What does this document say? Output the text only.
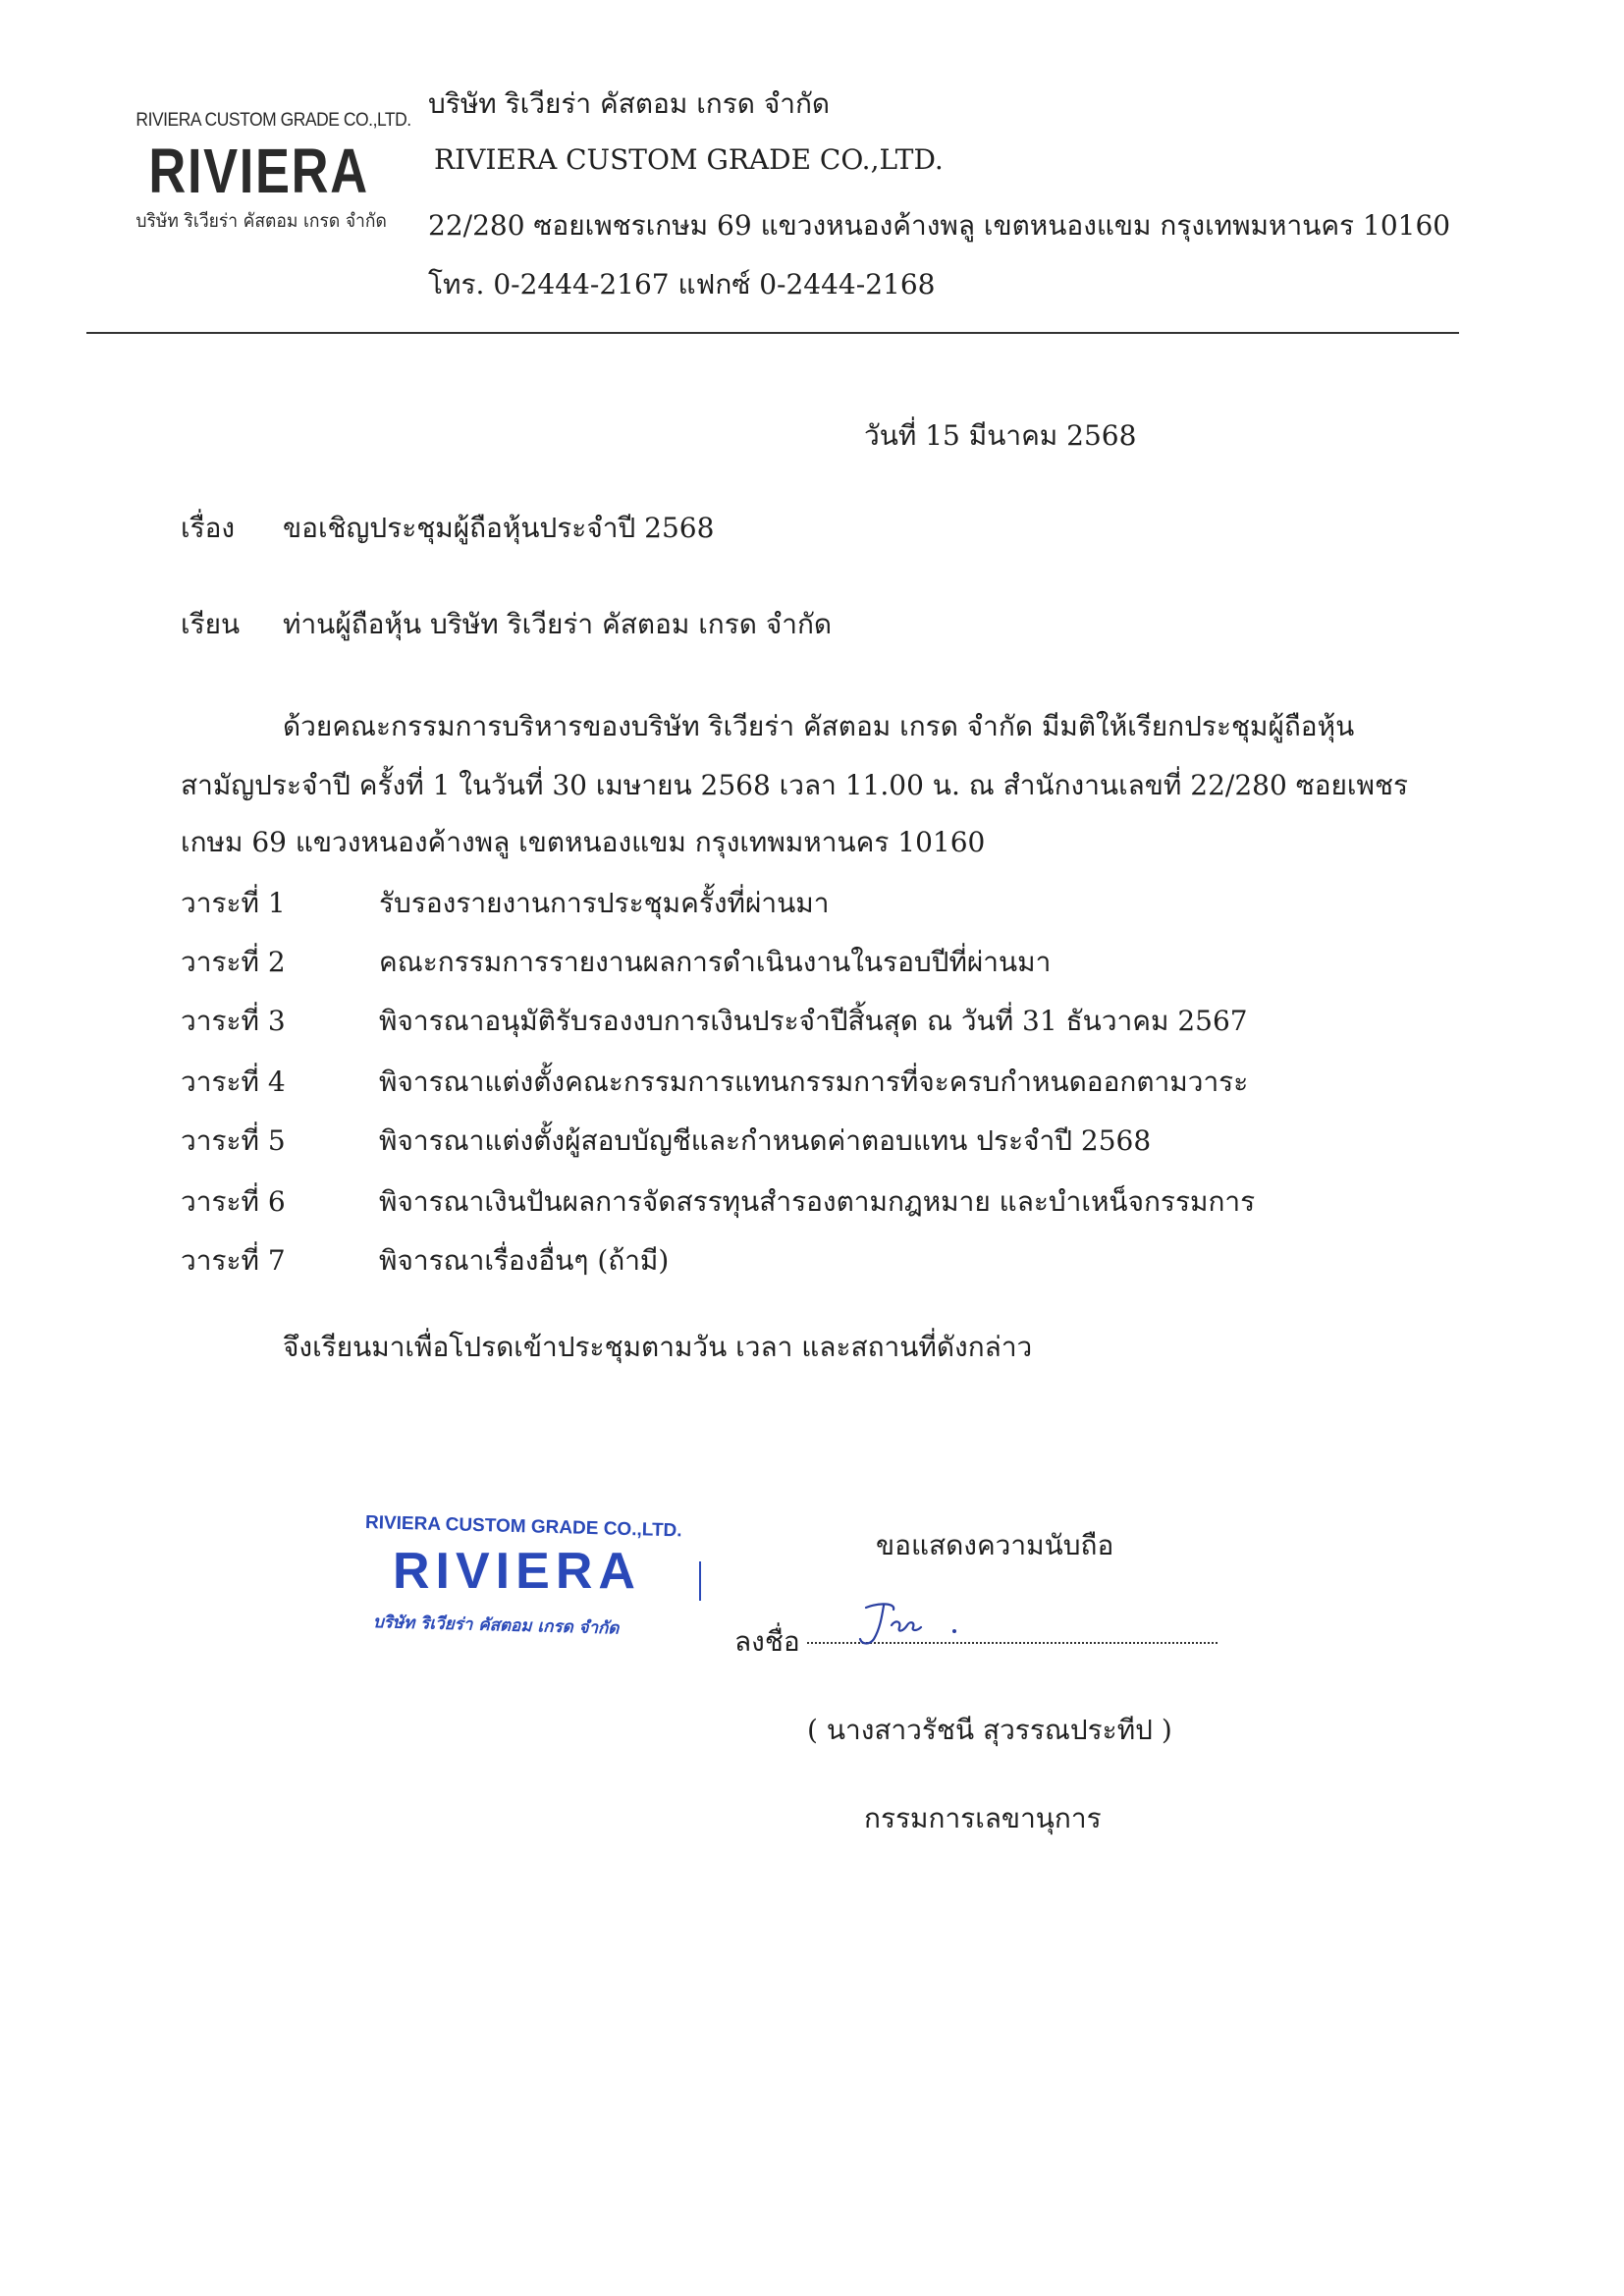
RIVIERA CUSTOM GRADE CO.,LTD.
RIVIERA
บริษัท ริเวียร่า คัสตอม เกรด จำกัด
บริษัท ริเวียร่า คัสตอม เกรด จำกัด
RIVIERA CUSTOM GRADE CO.,LTD.
22/280 ซอยเพชรเกษม 69 แขวงหนองค้างพลู เขตหนองแขม กรุงเทพมหานคร 10160
โทร. 0-2444-2167 แฟกซ์ 0-2444-2168
วันที่ 15 มีนาคม 2568
เรื่อง ขอเชิญประชุมผู้ถือหุ้นประจำปี 2568
เรียน ท่านผู้ถือหุ้น บริษัท ริเวียร่า คัสตอม เกรด จำกัด
ด้วยคณะกรรมการบริหารของบริษัท ริเวียร่า คัสตอม เกรด จำกัด มีมติให้เรียกประชุมผู้ถือหุ้น
สามัญประจำปี ครั้งที่ 1 ในวันที่ 30 เมษายน 2568 เวลา 11.00 น. ณ สำนักงานเลขที่ 22/280 ซอยเพชร
เกษม 69 แขวงหนองค้างพลู เขตหนองแขม กรุงเทพมหานคร 10160
วาระที่ 1	รับรองรายงานการประชุมครั้งที่ผ่านมา
วาระที่ 2	คณะกรรมการรายงานผลการดำเนินงานในรอบปีที่ผ่านมา
วาระที่ 3	พิจารณาอนุมัติรับรองงบการเงินประจำปีสิ้นสุด ณ วันที่ 31 ธันวาคม 2567
วาระที่ 4	พิจารณาแต่งตั้งคณะกรรมการแทนกรรมการที่จะครบกำหนดออกตามวาระ
วาระที่ 5	พิจารณาแต่งตั้งผู้สอบบัญชีและกำหนดค่าตอบแทน ประจำปี 2568
วาระที่ 6	พิจารณาเงินปันผลการจัดสรรทุนสำรองตามกฎหมาย และบำเหน็จกรรมการ
วาระที่ 7	พิจารณาเรื่องอื่นๆ (ถ้ามี)
จึงเรียนมาเพื่อโปรดเข้าประชุมตามวัน เวลา และสถานที่ดังกล่าว
RIVIERA CUSTOM GRADE CO.,LTD.
RIVIERA
บริษัท ริเวียร่า คัสตอม เกรด จำกัด
ขอแสดงความนับถือ
ลงชื่อ
( นางสาวรัชนี สุวรรณประทีป )
กรรมการเลขานุการ
